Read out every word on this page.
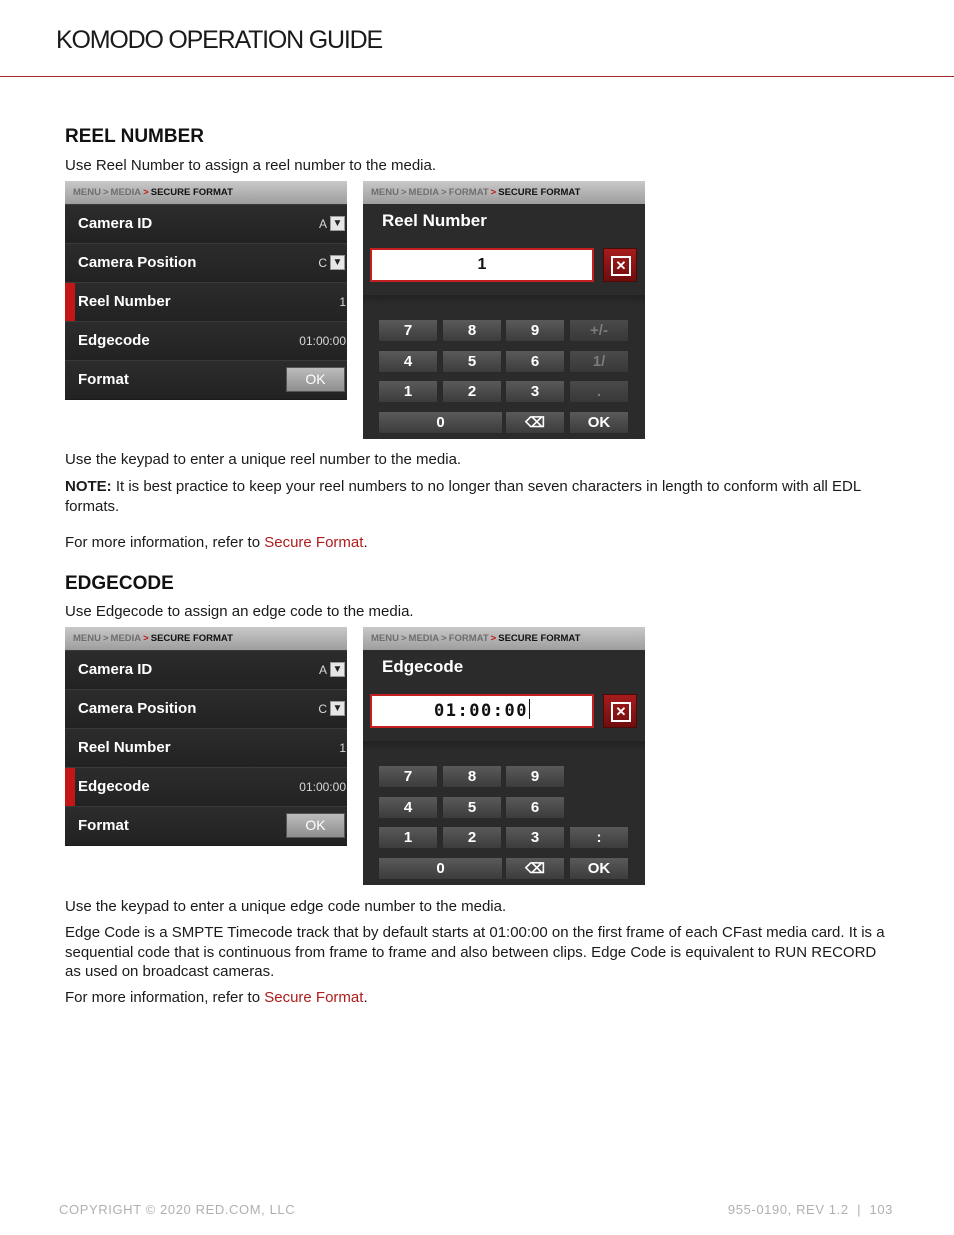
KOMODO OPERATION GUIDE
REEL NUMBER

Use Reel Number to assign a reel number to the media.

MENU > MEDIA > SECURE FORMAT
Camera ID	A ▼
Camera Position	C ▼
Reel Number	1
Edgecode	01:00:00
Format	OK
MENU > MEDIA > FORMAT > SECURE FORMAT
Reel Number
1
✕
7	8	9	+/-
4	5	6	1/
1	2	3	.
0	⌫	OK

Use the keypad to enter a unique reel number to the media.

NOTE: It is best practice to keep your reel numbers to no longer than seven characters in length to conform with all EDL formats.

For more information, refer to Secure Format.

EDGECODE

Use Edgecode to assign an edge code to the media.

MENU > MEDIA > SECURE FORMAT
Camera ID	A ▼
Camera Position	C ▼
Reel Number	1
Edgecode	01:00:00
Format	OK
MENU > MEDIA > FORMAT > SECURE FORMAT
Edgecode
01:00:00
✕
7	8	9
4	5	6
1	2	3	:
0	⌫	OK

Use the keypad to enter a unique edge code number to the media.

Edge Code is a SMPTE Timecode track that by default starts at 01:00:00 on the first frame of each CFast media card. It is a sequential code that is continuous from frame to frame and also between clips. Edge Code is equivalent to RUN RECORD as used on broadcast cameras.

For more information, refer to Secure Format.

COPYRIGHT © 2020 RED.COM, LLC	955-0190, REV 1.2  |  103
